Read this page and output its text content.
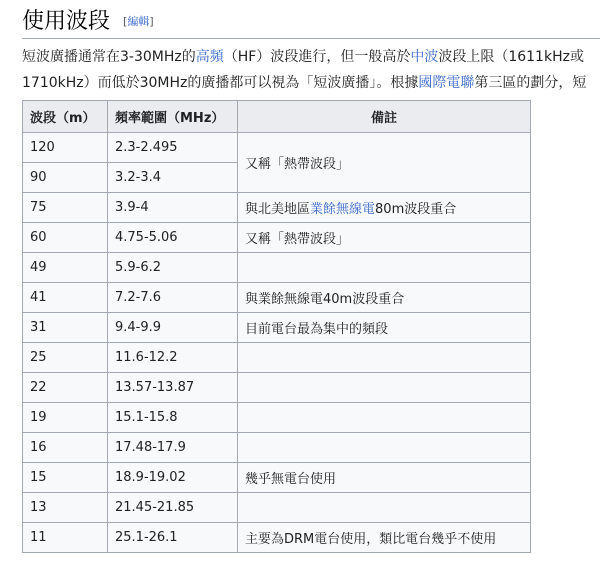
使用波段 [編輯]
短波廣播通常在3-30MHz的高頻（HF）波段進行，但一般高於中波波段上限（1611kHz或
1710kHz）而低於30MHz的廣播都可以視為「短波廣播」。根據國際電聯第三區的劃分，短
波段（m）	頻率範圍（MHz）	備註
120	2.3-2.495	又稱「熱帶波段」
90	3.2-3.4	
75	3.9-4	與北美地區業餘無線電80m波段重合
60	4.75-5.06	又稱「熱帶波段」
49	5.9-6.2	
41	7.2-7.6	與業餘無線電40m波段重合
31	9.4-9.9	目前電台最為集中的頻段
25	11.6-12.2	
22	13.57-13.87	
19	15.1-15.8	
16	17.48-17.9	
15	18.9-19.02	幾乎無電台使用
13	21.45-21.85	
11	25.1-26.1	主要為DRM電台使用，類比電台幾乎不使用
